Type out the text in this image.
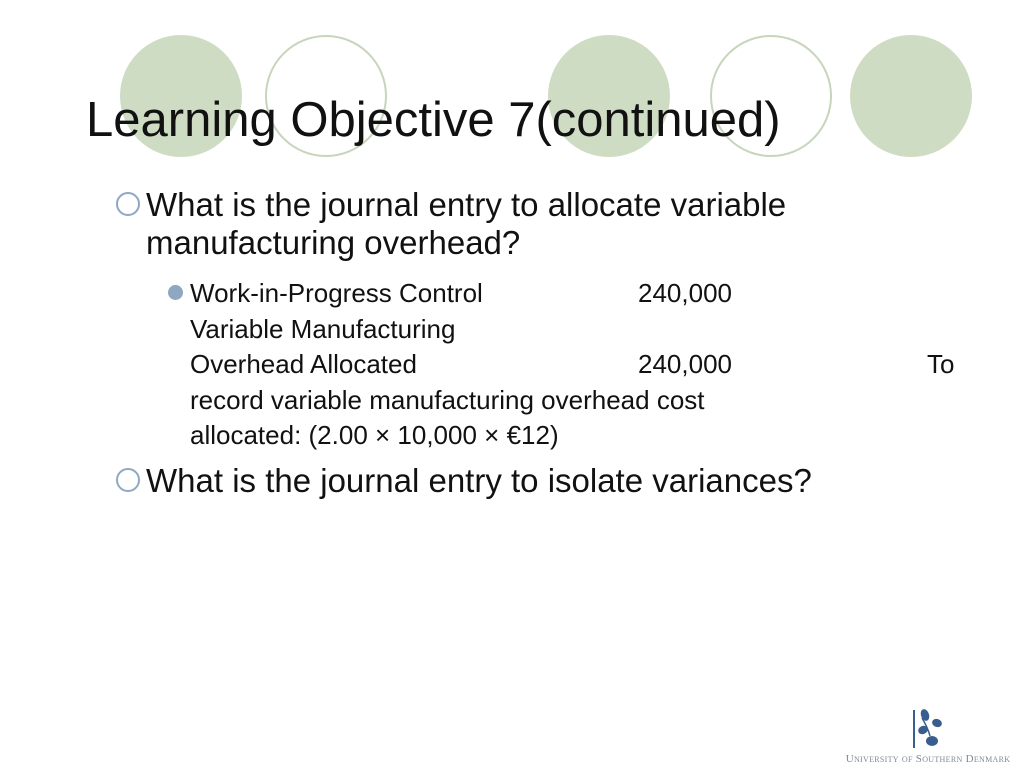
Learning Objective 7(continued)
What is the journal entry to allocate variable manufacturing overhead?
Work-in-Progress Control	240,000
Variable Manufacturing
Overhead Allocated	240,000	To
record variable manufacturing overhead cost
allocated: (2.00 × 10,000 × €12)
What is the journal entry to isolate variances?
University of Southern Denmark
